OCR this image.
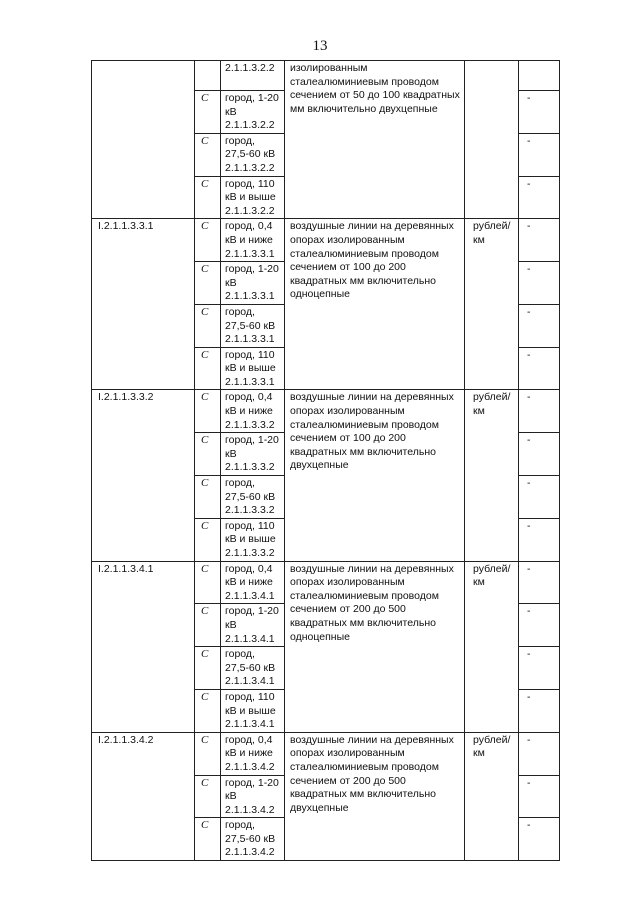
13
		2.1.1.3.2.2	изолированным сталеалюминиевым проводом сечением от 50 до 100 квадратных мм включительно двухцепные		
	С	город, 1-20 кВ 2.1.1.3.2.2			-
	С	город, 27,5-60 кВ 2.1.1.3.2.2			-
	С	город, 110 кВ и выше 2.1.1.3.2.2			-
I.2.1.1.3.3.1	С	город, 0,4 кВ и ниже 2.1.1.3.3.1	воздушные линии на деревянных опорах изолированным сталеалюминиевым проводом сечением от 100 до 200 квадратных мм включительно одноцепные	рублей/км	-
	С	город, 1-20 кВ 2.1.1.3.3.1			-
	С	город, 27,5-60 кВ 2.1.1.3.3.1			-
	С	город, 110 кВ и выше 2.1.1.3.3.1			-
I.2.1.1.3.3.2	С	город, 0,4 кВ и ниже 2.1.1.3.3.2	воздушные линии на деревянных опорах изолированным сталеалюминиевым проводом сечением от 100 до 200 квадратных мм включительно двухцепные	рублей/км	-
	С	город, 1-20 кВ 2.1.1.3.3.2			-
	С	город, 27,5-60 кВ 2.1.1.3.3.2			-
	С	город, 110 кВ и выше 2.1.1.3.3.2			-
I.2.1.1.3.4.1	С	город, 0,4 кВ и ниже 2.1.1.3.4.1	воздушные линии на деревянных опорах изолированным сталеалюминиевым проводом сечением от 200 до 500 квадратных мм включительно одноцепные	рублей/км	-
	С	город, 1-20 кВ 2.1.1.3.4.1			-
	С	город, 27,5-60 кВ 2.1.1.3.4.1			-
	С	город, 110 кВ и выше 2.1.1.3.4.1			-
I.2.1.1.3.4.2	С	город, 0,4 кВ и ниже 2.1.1.3.4.2	воздушные линии на деревянных опорах изолированным сталеалюминиевым проводом сечением от 200 до 500 квадратных мм включительно двухцепные	рублей/км	-
	С	город, 1-20 кВ 2.1.1.3.4.2			-
	С	город, 27,5-60 кВ 2.1.1.3.4.2			-
